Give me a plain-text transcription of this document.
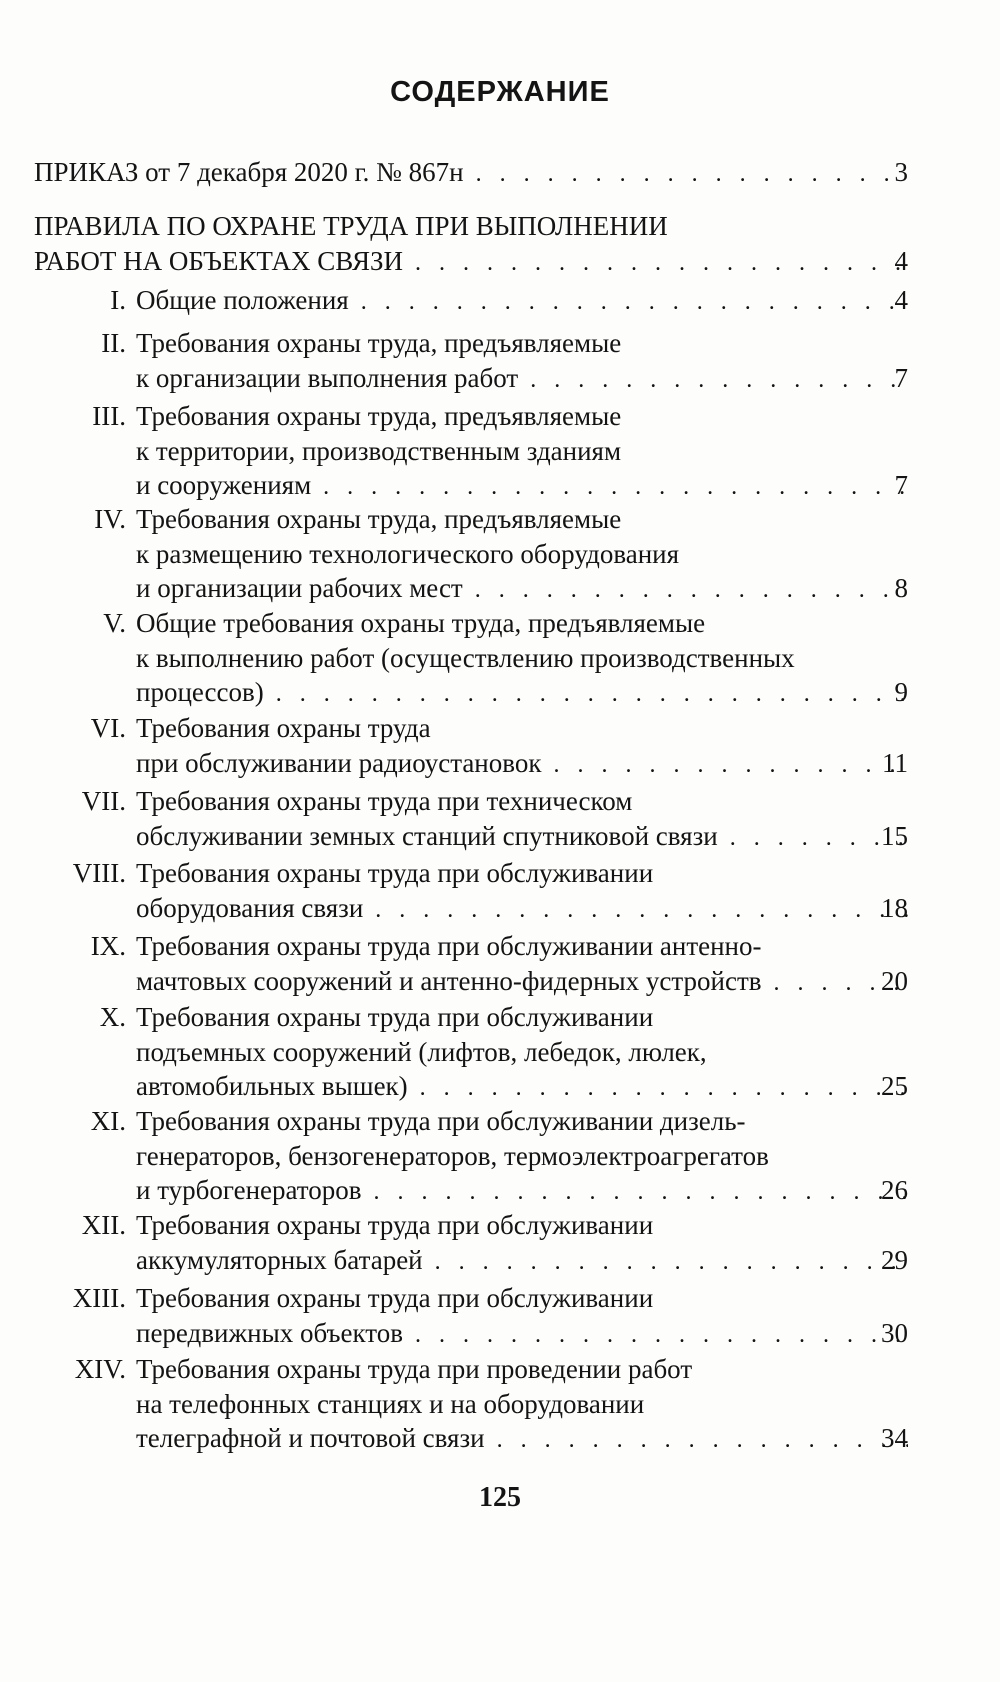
СОДЕРЖАНИЕ
ПРИКАЗ от 7 декабря 2020 г. № 867н . . .	3
ПРАВИЛА ПО ОХРАНЕ ТРУДА ПРИ ВЫПОЛНЕНИИ
РАБОТ НА ОБЪЕКТАХ СВЯЗИ . . .	4
I. Общие положения . . .	4
II. Требования охраны труда, предъявляемые
к организации выполнения работ . . .	7
III. Требования охраны труда, предъявляемые
к территории, производственным зданиям
и сооружениям . . .	7
IV. Требования охраны труда, предъявляемые
к размещению технологического оборудования
и организации рабочих мест . . .	8
V. Общие требования охраны труда, предъявляемые
к выполнению работ (осуществлению производственных
процессов) . . .	9
VI. Требования охраны труда
при обслуживании радиоустановок . . .	11
VII. Требования охраны труда при техническом
обслуживании земных станций спутниковой связи . . .	15
VIII. Требования охраны труда при обслуживании
оборудования связи . . .	18
IX. Требования охраны труда при обслуживании антенно-
мачтовых сооружений и антенно-фидерных устройств . . .	20
X. Требования охраны труда при обслуживании
подъемных сооружений (лифтов, лебедок, люлек,
автомобильных вышек) . . .	25
XI. Требования охраны труда при обслуживании дизель-
генераторов, бензогенераторов, термоэлектроагрегатов
и турбогенераторов . . .	26
XII. Требования охраны труда при обслуживании
аккумуляторных батарей . . .	29
XIII. Требования охраны труда при обслуживании
передвижных объектов . . .	30
XIV. Требования охраны труда при проведении работ
на телефонных станциях и на оборудовании
телеграфной и почтовой связи . . .	34
125
